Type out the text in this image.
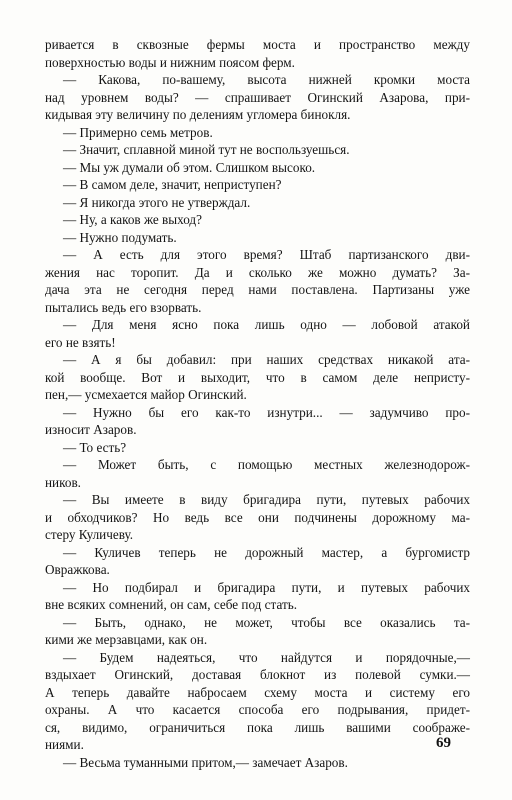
ривается в сквозные фермы моста и пространство между
поверхностью воды и нижним поясом ферм.
— Какова, по-вашему, высота нижней кромки моста
над уровнем воды? — спрашивает Огинский Азарова, при-
кидывая эту величину по делениям угломера бинокля.
— Примерно семь метров.
— Значит, сплавной миной тут не воспользуешься.
— Мы уж думали об этом. Слишком высоко.
— В самом деле, значит, неприступен?
— Я никогда этого не утверждал.
— Ну, а каков же выход?
— Нужно подумать.
— А есть для этого время? Штаб партизанского дви-
жения нас торопит. Да и сколько же можно думать? За-
дача эта не сегодня перед нами поставлена. Партизаны уже
пытались ведь его взорвать.
— Для меня ясно пока лишь одно — лобовой атакой
его не взять!
— А я бы добавил: при наших средствах никакой ата-
кой вообще. Вот и выходит, что в самом деле непристу-
пен,— усмехается майор Огинский.
— Нужно бы его как-то изнутри... — задумчиво про-
износит Азаров.
— То есть?
— Может быть, с помощью местных железнодорож-
ников.
— Вы имеете в виду бригадира пути, путевых рабочих
и обходчиков? Но ведь все они подчинены дорожному ма-
стеру Куличеву.
— Куличев теперь не дорожный мастер, а бургомистр
Овражкова.
— Но подбирал и бригадира пути, и путевых рабочих
вне всяких сомнений, он сам, себе под стать.
— Быть, однако, не может, чтобы все оказались та-
кими же мерзавцами, как он.
— Будем надеяться, что найдутся и порядочные,—
вздыхает Огинский, доставая блокнот из полевой сумки.—
А теперь давайте набросаем схему моста и систему его
охраны. А что касается способа его подрывания, придет-
ся, видимо, ограничиться пока лишь вашими соображе-
ниями.
— Весьма туманными притом,— замечает Азаров.
69
